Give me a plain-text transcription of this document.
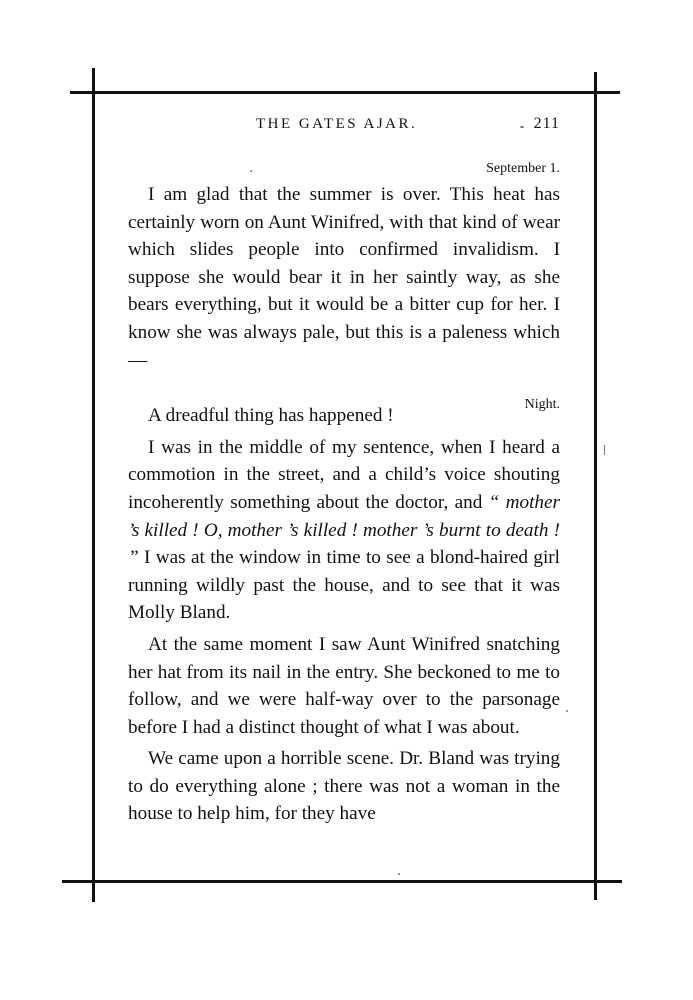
THE GATES AJAR.	211
September 1.

I am glad that the summer is over. This heat has certainly worn on Aunt Winifred, with that kind of wear which slides people into confirmed invalidism. I suppose she would bear it in her saintly way, as she bears everything, but it would be a bitter cup for her. I know she was always pale, but this is a paleness which —

Night.

A dreadful thing has happened !

I was in the middle of my sentence, when I heard a commotion in the street, and a child’s voice shouting incoherently something about the doctor, and “ mother ’s killed ! O, mother ’s killed ! mother ’s burnt to death ! ” I was at the window in time to see a blond-haired girl running wildly past the house, and to see that it was Molly Bland.

At the same moment I saw Aunt Winifred snatching her hat from its nail in the entry. She beckoned to me to follow, and we were half-way over to the parsonage before I had a distinct thought of what I was about.

We came upon a horrible scene. Dr. Bland was trying to do everything alone ; there was not a woman in the house to help him, for they have
